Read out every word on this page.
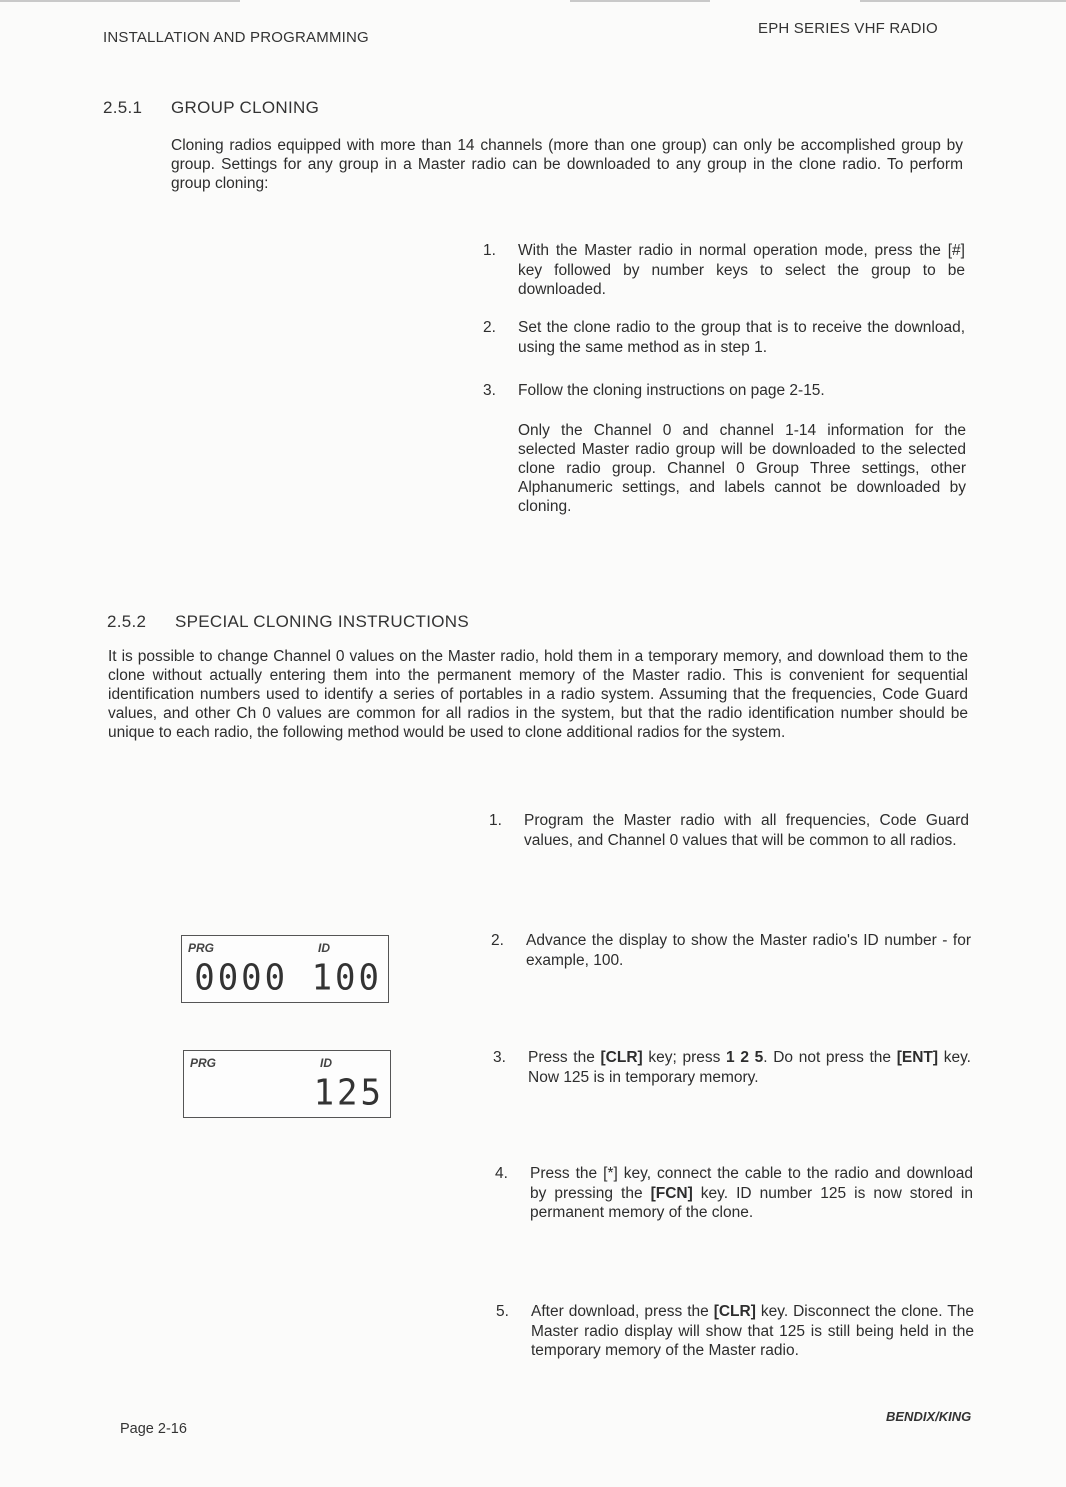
INSTALLATION AND PROGRAMMING
EPH SERIES VHF RADIO
2.5.1 GROUP CLONING
Cloning radios equipped with more than 14 channels (more than one group) can only be accomplished group by group. Settings for any group in a Master radio can be downloaded to any group in the clone radio. To perform group cloning:
1. With the Master radio in normal operation mode, press the [#] key followed by number keys to select the group to be downloaded.
2. Set the clone radio to the group that is to receive the download, using the same method as in step 1.
3. Follow the cloning instructions on page 2-15.
Only the Channel 0 and channel 1-14 information for the selected Master radio group will be downloaded to the selected clone radio group. Channel 0 Group Three settings, other Alphanumeric settings, and labels cannot be downloaded by cloning.
2.5.2 SPECIAL CLONING INSTRUCTIONS
It is possible to change Channel 0 values on the Master radio, hold them in a temporary memory, and download them to the clone without actually entering them into the permanent memory of the Master radio. This is convenient for sequential identification numbers used to identify a series of portables in a radio system. Assuming that the frequencies, Code Guard values, and other Ch 0 values are common for all radios in the system, but that the radio identification number should be unique to each radio, the following method would be used to clone additional radios for the system.
1. Program the Master radio with all frequencies, Code Guard values, and Channel 0 values that will be common to all radios.
PRG	ID
0000 100
2. Advance the display to show the Master radio's ID number - for example, 100.
PRG	ID
125
3. Press the [CLR] key; press 1 2 5. Do not press the [ENT] key. Now 125 is in temporary memory.
4. Press the [*] key, connect the cable to the radio and download by pressing the [FCN] key. ID number 125 is now stored in permanent memory of the clone.
5. After download, press the [CLR] key. Disconnect the clone. The Master radio display will show that 125 is still being held in the temporary memory of the Master radio.
Page 2-16
BENDIX/KING
